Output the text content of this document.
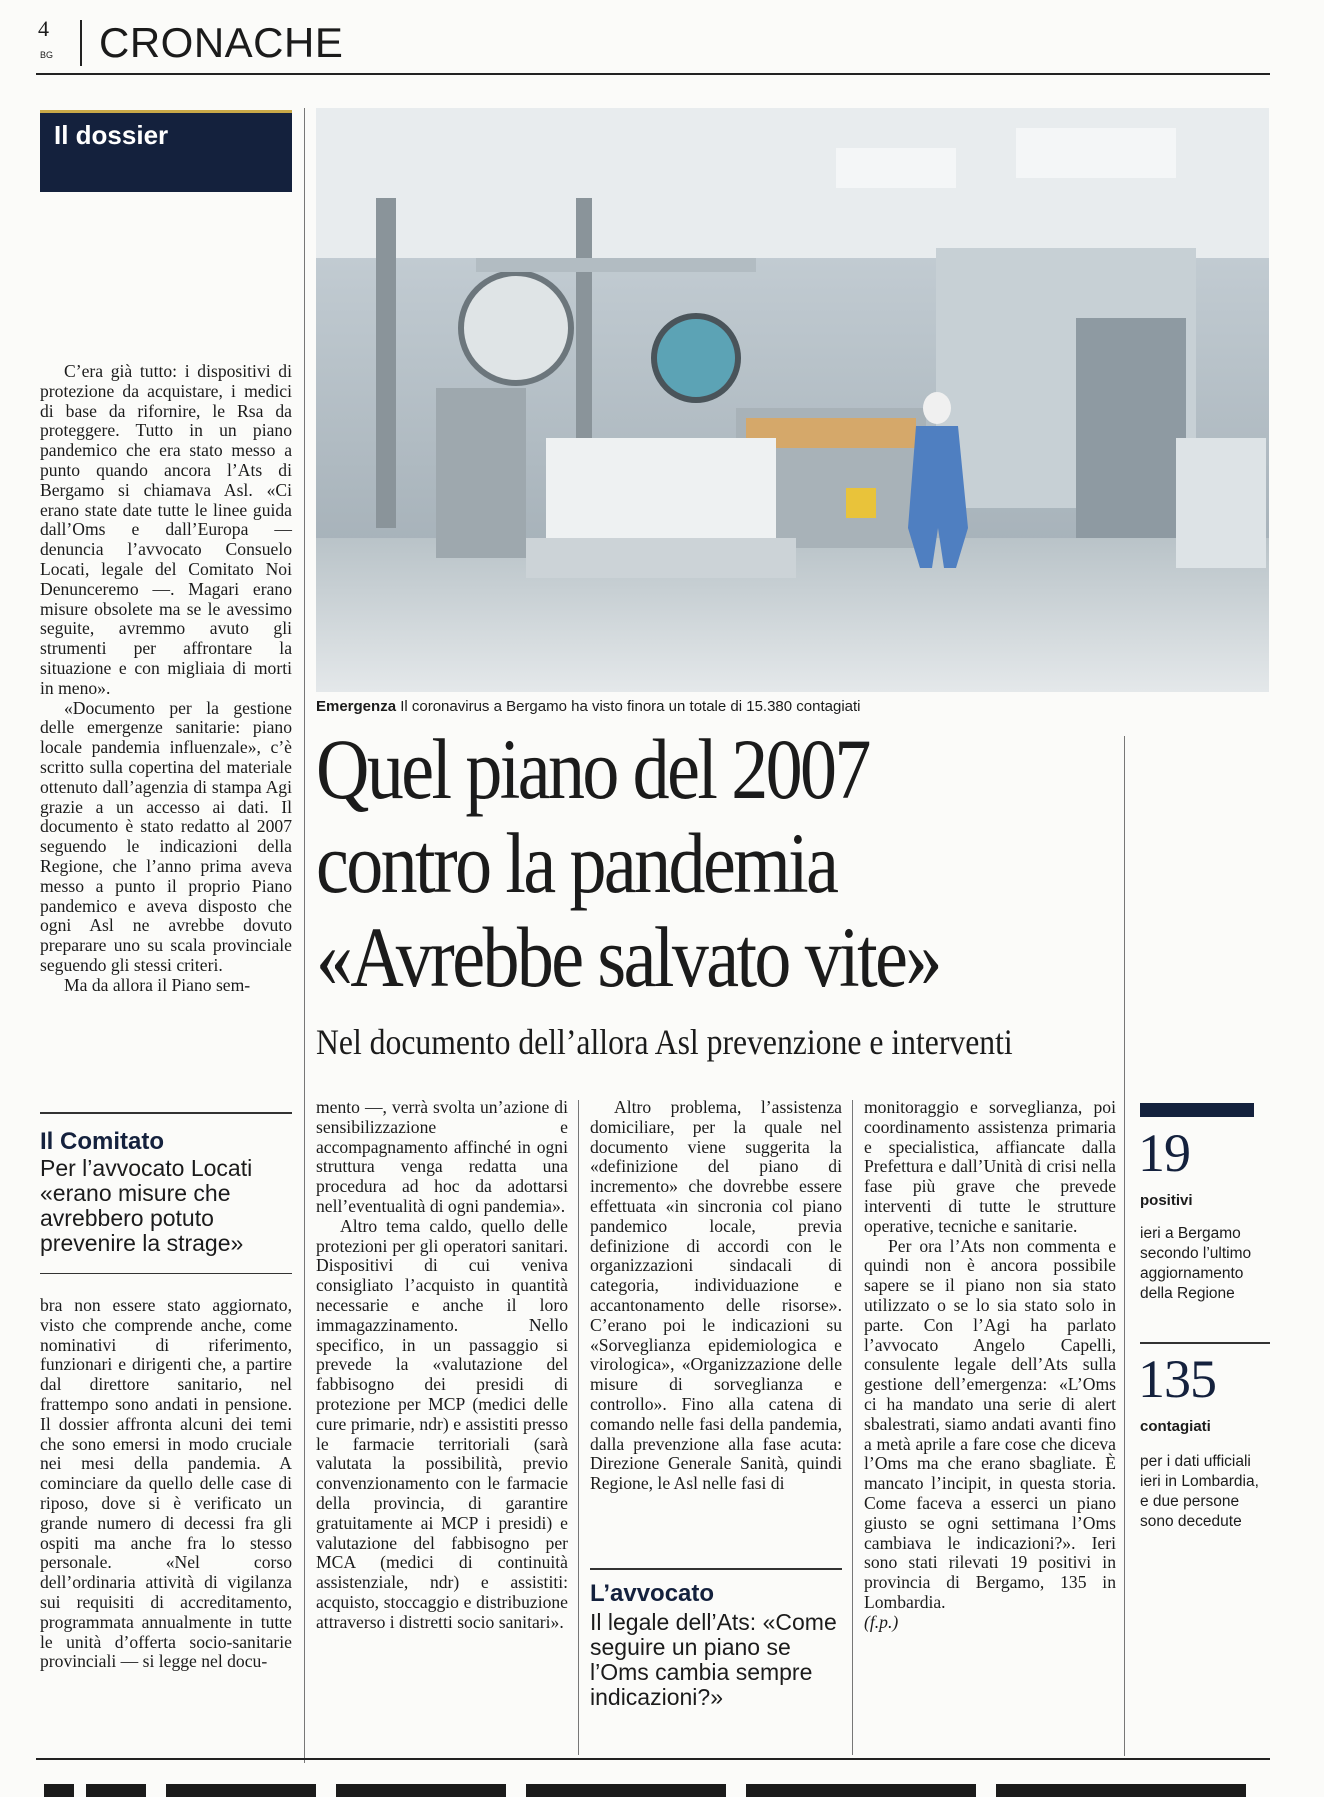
4
BG CRONACHE
Il dossier

C’era già tutto: i dispositivi di protezione da acquistare, i medici di base da rifornire, le Rsa da proteggere. Tutto in un piano pandemico che era stato messo a punto quando ancora l’Ats di Bergamo si chiamava Asl. «Ci erano state date tutte le linee guida dall’Oms e dall’Europa — denuncia l’avvocato Consuelo Locati, legale del Comitato Noi Denunceremo —. Magari erano misure obsolete ma se le avessimo seguite, avremmo avuto gli strumenti per affrontare la situazione e con migliaia di morti in meno».

«Documento per la gestione delle emergenze sanitarie: piano locale pandemia influenzale», c’è scritto sulla copertina del materiale ottenuto dall’agenzia di stampa Agi grazie a un accesso ai dati. Il documento è stato redatto al 2007 seguendo le indicazioni della Regione, che l’anno prima aveva messo a punto il proprio Piano pandemico e aveva disposto che ogni Asl ne avrebbe dovuto preparare uno su scala provinciale seguendo gli stessi criteri.

Ma da allora il Piano sem-

Il Comitato
Per l’avvocato Locati «erano misure che avrebbero potuto prevenire la strage»

bra non essere stato aggiornato, visto che comprende anche, come nominativi di riferimento, funzionari e dirigenti che, a partire dal direttore sanitario, nel frattempo sono andati in pensione. Il dossier affronta alcuni dei temi che sono emersi in modo cruciale nei mesi della pandemia. A cominciare da quello delle case di riposo, dove si è verificato un grande numero di decessi fra gli ospiti ma anche fra lo stesso personale. «Nel corso dell’ordinaria attività di vigilanza sui requisiti di accreditamento, programmata annualmente in tutte le unità d’offerta socio-sanitarie provinciali — si legge nel docu-

Emergenza Il coronavirus a Bergamo ha visto finora un totale di 15.380 contagiati
Quel piano del 2007
contro la pandemia
«Avrebbe salvato vite»
Nel documento dell’allora Asl prevenzione e interventi

mento —, verrà svolta un’azione di sensibilizzazione e accompagnamento affinché in ogni struttura venga redatta una procedura ad hoc da adottarsi nell’eventualità di ogni pandemia».

Altro tema caldo, quello delle protezioni per gli operatori sanitari. Dispositivi di cui veniva consigliato l’acquisto in quantità necessarie e anche il loro immagazzinamento. Nello specifico, in un passaggio si prevede la «valutazione del fabbisogno dei presidi di protezione per MCP (medici delle cure primarie, ndr) e assistiti presso le farmacie territoriali (sarà valutata la possibilità, previo convenzionamento con le farmacie della provincia, di garantire gratuitamente ai MCP i presidi) e valutazione del fabbisogno per MCA (medici di continuità assistenziale, ndr) e assistiti: acquisto, stoccaggio e distribuzione attraverso i distretti socio sanitari».

Altro problema, l’assistenza domiciliare, per la quale nel documento viene suggerita la «definizione del piano di incremento» che dovrebbe essere effettuata «in sincronia col piano pandemico locale, previa definizione di accordi con le organizzazioni sindacali di categoria, individuazione e accantonamento delle risorse». C’erano poi le indicazioni su «Sorveglianza epidemiologica e virologica», «Organizzazione delle misure di sorveglianza e controllo». Fino alla catena di comando nelle fasi della pandemia, dalla prevenzione alla fase acuta: Direzione Generale Sanità, quindi Regione, le Asl nelle fasi di

L’avvocato
Il legale dell’Ats: «Come seguire un piano se l’Oms cambia sempre indicazioni?»

monitoraggio e sorveglianza, poi coordinamento assistenza primaria e specialistica, affiancate dalla Prefettura e dall’Unità di crisi nella fase più grave che prevede interventi di tutte le strutture operative, tecniche e sanitarie.

Per ora l’Ats non commenta e quindi non è ancora possibile sapere se il piano non sia stato utilizzato o se lo sia stato solo in parte. Con l’Agi ha parlato l’avvocato Angelo Capelli, consulente legale dell’Ats sulla gestione dell’emergenza: «L’Oms ci ha mandato una serie di alert sbalestrati, siamo andati avanti fino a metà aprile a fare cose che diceva l’Oms ma che erano sbagliate. È mancato l’incipit, in questa storia. Come faceva a esserci un piano giusto se ogni settimana l’Oms cambiava le indicazioni?». Ieri sono stati rilevati 19 positivi in provincia di Bergamo, 135 in Lombardia.

(f.p.)

19
positivi
ieri a Bergamo secondo l’ultimo aggiornamento della Regione
135
contagiati
per i dati ufficiali ieri in Lombardia, e due persone sono decedute
